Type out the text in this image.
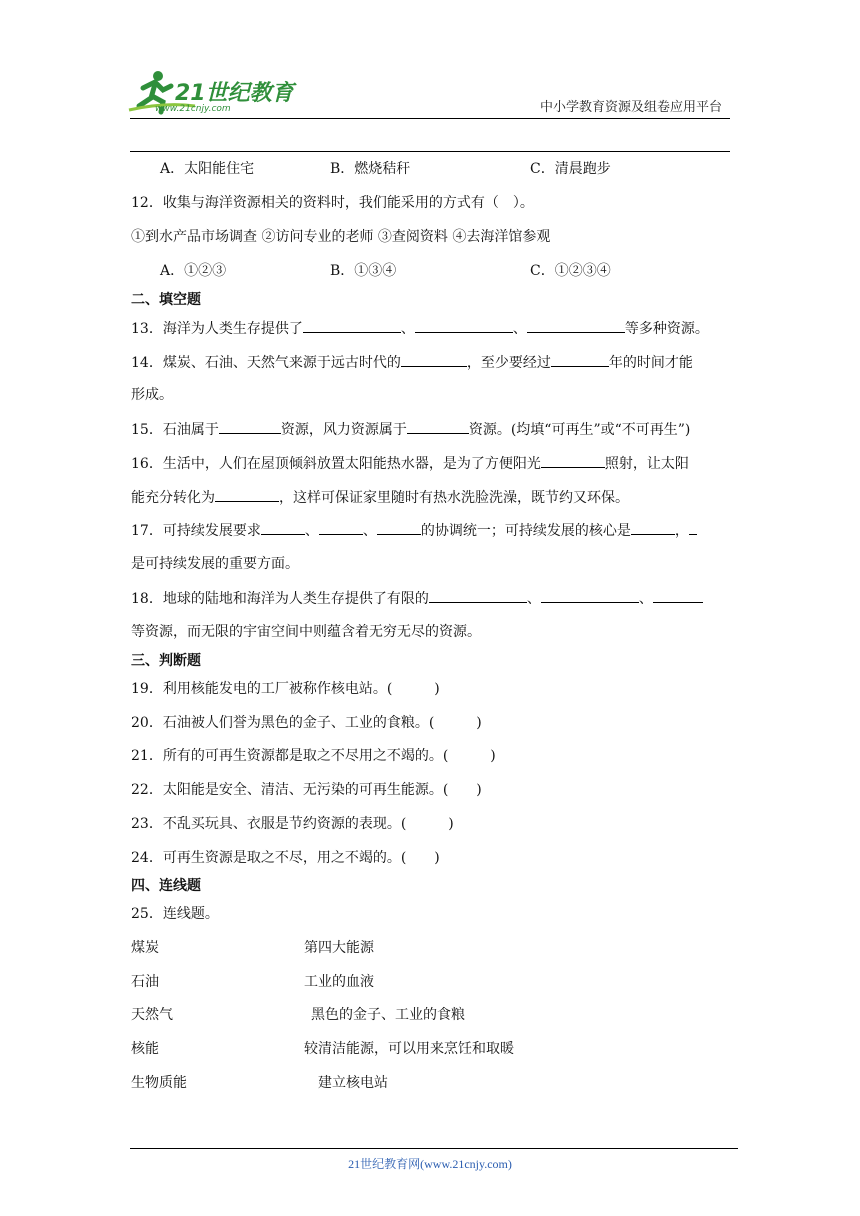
21世纪教育
www.21cnjy.com	中小学教育资源及组卷应用平台
A．太阳能住宅	B．燃烧秸秆	C．清晨跑步
12．收集与海洋资源相关的资料时，我们能采用的方式有（　）。
①到水产品市场调查 ②访问专业的老师 ③查阅资料 ④去海洋馆参观
A．①②③	B．①③④	C．①②③④
二、填空题
13．海洋为人类生存提供了	、	、	等多种资源。
14．煤炭、石油、天然气来源于远古时代的	，至少要经过	年的时间才能
形成。
15．石油属于	资源，风力资源属于	资源。(均填“可再生”或“不可再生”)
16．生活中，人们在屋顶倾斜放置太阳能热水器，是为了方便阳光	照射，让太阳
能充分转化为	，这样可保证家里随时有热水洗脸洗澡，既节约又环保。
17．可持续发展要求	、	、	的协调统一；可持续发展的核心是	，
是可持续发展的重要方面。
18．地球的陆地和海洋为人类生存提供了有限的	、	、
等资源，而无限的宇宙空间中则蕴含着无穷无尽的资源。
三、判断题
19．利用核能发电的工厂被称作核电站。(　　　)
20．石油被人们誉为黑色的金子、工业的食粮。(　　　)
21．所有的可再生资源都是取之不尽用之不竭的。(　　　)
22．太阳能是安全、清洁、无污染的可再生能源。(　　)
23．不乱买玩具、衣服是节约资源的表现。(　　　)
24．可再生资源是取之不尽，用之不竭的。(　　)
四、连线题
25．连线题。
煤炭
石油
天然气
核能
生物质能
第四大能源
工业的血液
黑色的金子、工业的食粮
较清洁能源，可以用来烹饪和取暖
建立核电站
21世纪教育网(www.21cnjy.com)
